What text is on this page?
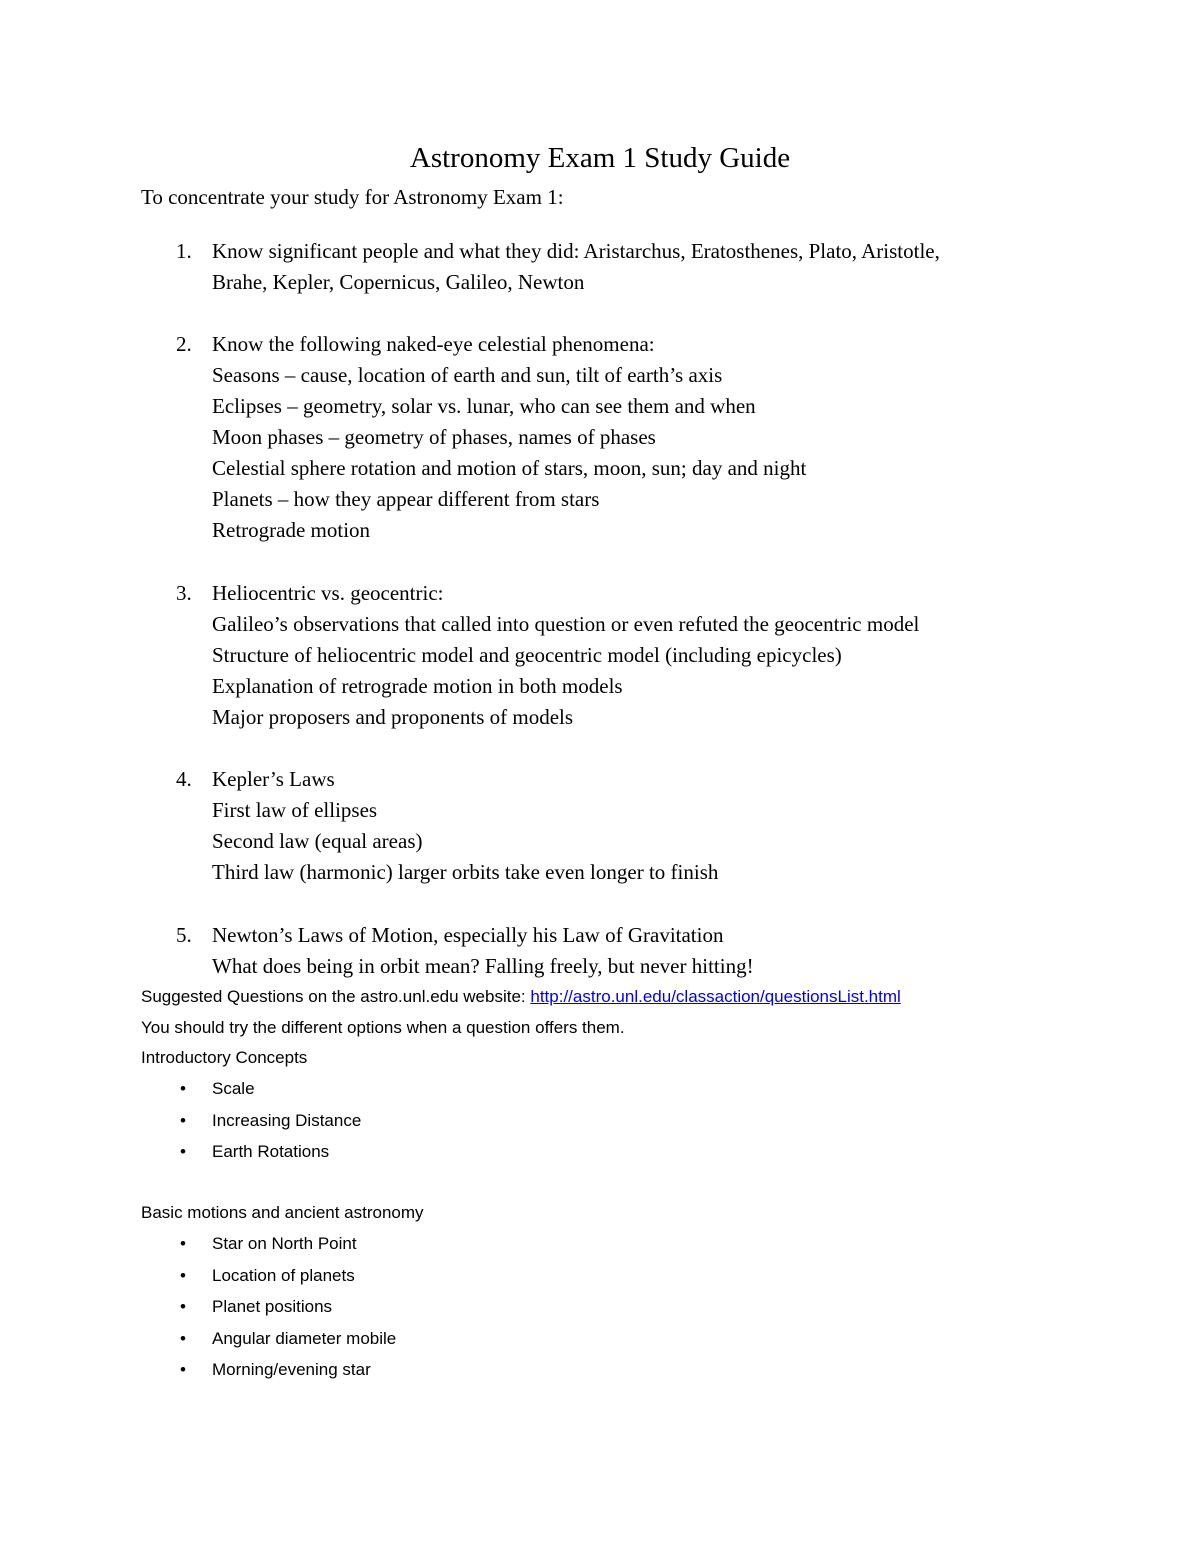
Astronomy Exam 1 Study Guide
To concentrate your study for Astronomy Exam 1:
1. Know significant people and what they did: Aristarchus, Eratosthenes, Plato, Aristotle,
Brahe, Kepler, Copernicus, Galileo, Newton
2. Know the following naked-eye celestial phenomena:
Seasons – cause, location of earth and sun, tilt of earth’s axis
Eclipses – geometry, solar vs. lunar, who can see them and when
Moon phases – geometry of phases, names of phases
Celestial sphere rotation and motion of stars, moon, sun; day and night
Planets – how they appear different from stars
Retrograde motion
3. Heliocentric vs. geocentric:
Galileo’s observations that called into question or even refuted the geocentric model
Structure of heliocentric model and geocentric model (including epicycles)
Explanation of retrograde motion in both models
Major proposers and proponents of models
4. Kepler’s Laws
First law of ellipses
Second law (equal areas)
Third law (harmonic) larger orbits take even longer to finish
5. Newton’s Laws of Motion, especially his Law of Gravitation
What does being in orbit mean? Falling freely, but never hitting!
Suggested Questions on the astro.unl.edu website: http://astro.unl.edu/classaction/questionsList.html
You should try the different options when a question offers them.
Introductory Concepts
• Scale
• Increasing Distance
• Earth Rotations
Basic motions and ancient astronomy
• Star on North Point
• Location of planets
• Planet positions
• Angular diameter mobile
• Morning/evening star
